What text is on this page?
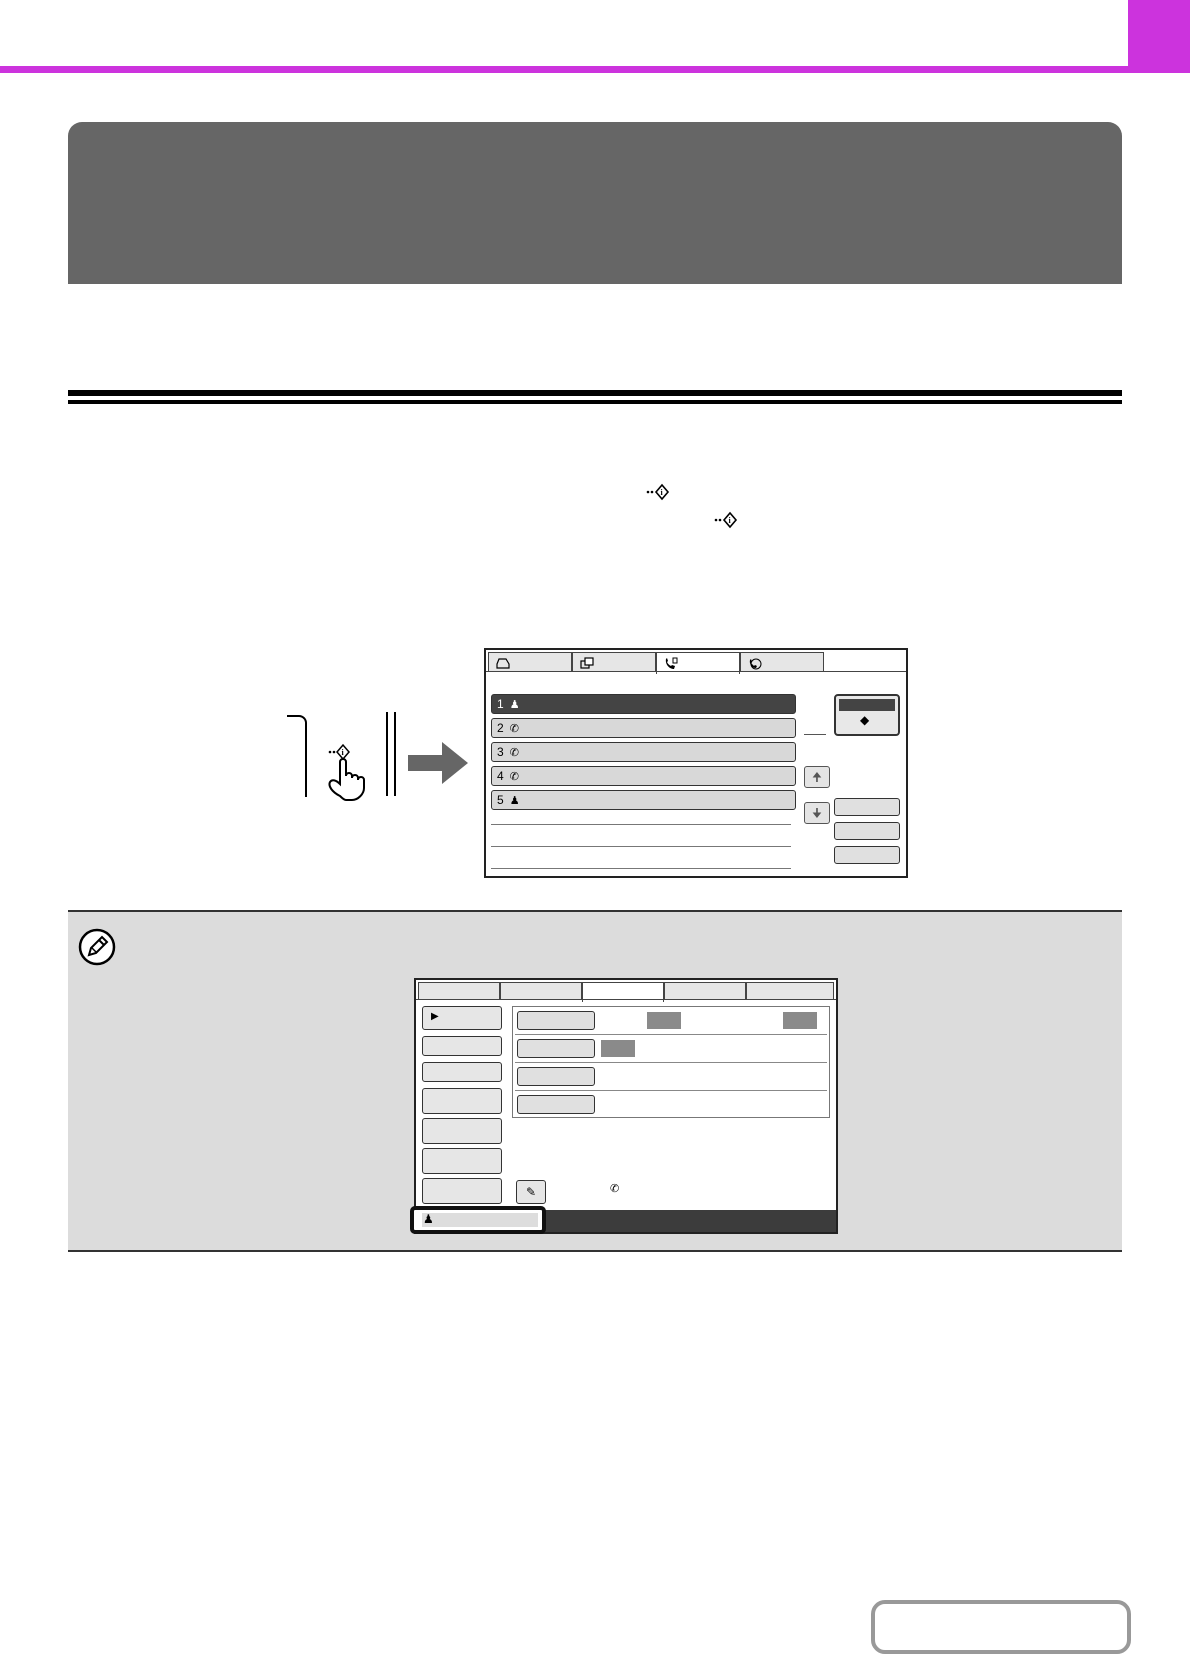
i
i
i
1 ♟
2 ✆
3 ✆
4 ✆
5 ♟
◆
🠉
🠋
▶
✎	✆
♟
